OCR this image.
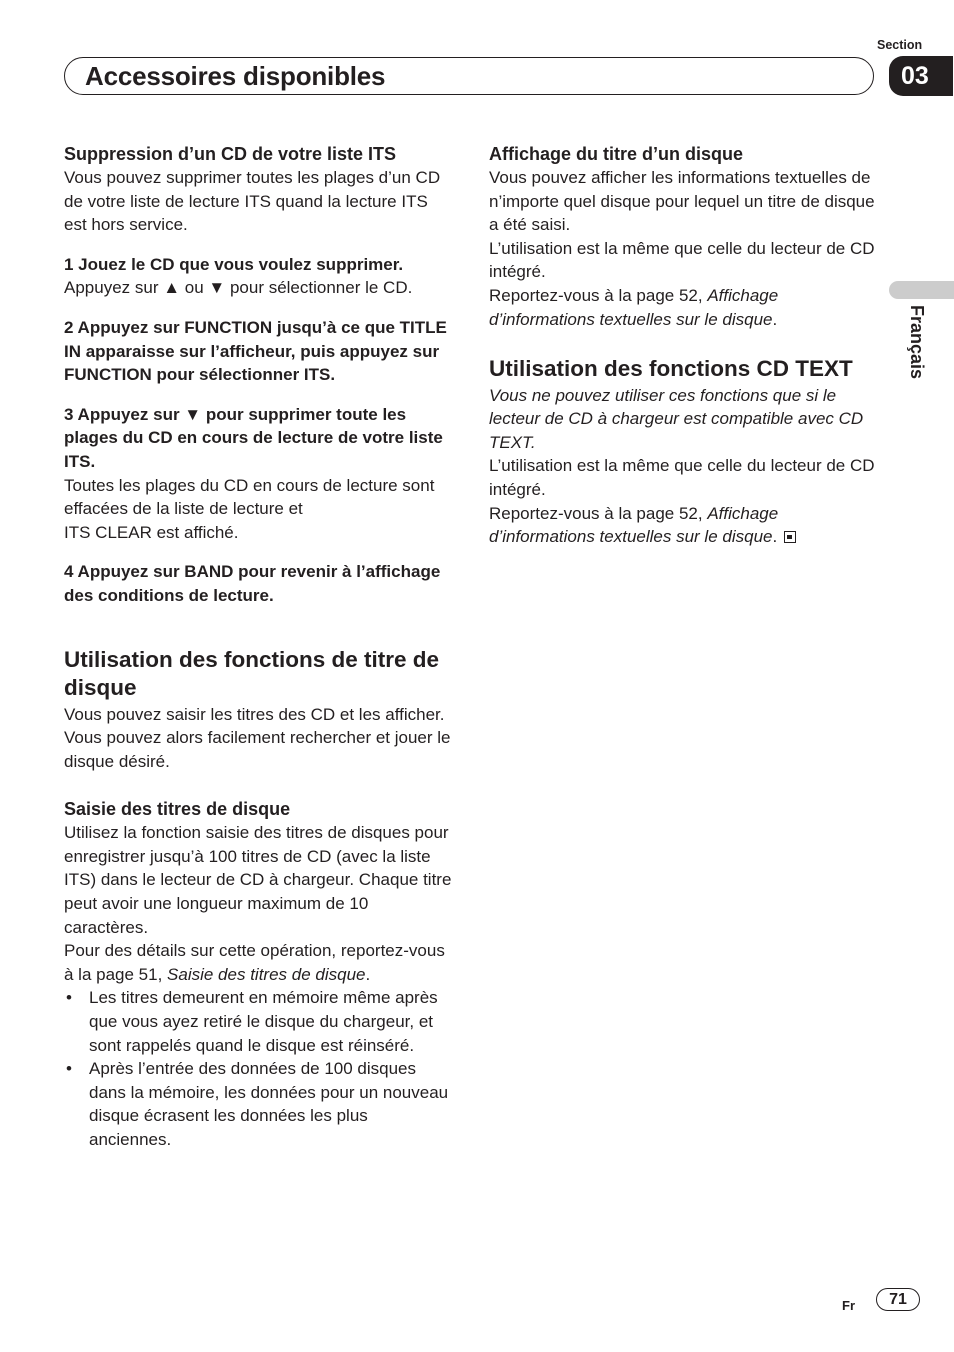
Accessoires disponibles
Section
03
Français

Suppression d’un CD de votre liste ITS

Vous pouvez supprimer toutes les plages d’un CD de votre liste de lecture ITS quand la lecture ITS est hors service.

1 Jouez le CD que vous voulez supprimer.

Appuyez sur ▲ ou ▼ pour sélectionner le CD.

2 Appuyez sur FUNCTION jusqu’à ce que TITLE IN apparaisse sur l’afficheur, puis appuyez sur FUNCTION pour sélectionner ITS.

3 Appuyez sur ▼ pour supprimer toute les plages du CD en cours de lecture de votre liste ITS.

Toutes les plages du CD en cours de lecture sont effacées de la liste de lecture et
ITS CLEAR est affiché.

4 Appuyez sur BAND pour revenir à l’affichage des conditions de lecture.

Utilisation des fonctions de titre de disque

Vous pouvez saisir les titres des CD et les afficher. Vous pouvez alors facilement rechercher et jouer le disque désiré.

Saisie des titres de disque

Utilisez la fonction saisie des titres de disques pour enregistrer jusqu’à 100 titres de CD (avec la liste ITS) dans le lecteur de CD à chargeur. Chaque titre peut avoir une longueur maximum de 10 caractères.

Pour des détails sur cette opération, reportez-vous à la page 51, Saisie des titres de disque.

• Les titres demeurent en mémoire même après que vous ayez retiré le disque du chargeur, et sont rappelés quand le disque est réinséré.
• Après l’entrée des données de 100 disques dans la mémoire, les données pour un nouveau disque écrasent les données les plus anciennes.

Affichage du titre d’un disque

Vous pouvez afficher les informations textuelles de n’importe quel disque pour lequel un titre de disque a été saisi.

L’utilisation est la même que celle du lecteur de CD intégré.

Reportez-vous à la page 52, Affichage d’informations textuelles sur le disque.

Utilisation des fonctions CD TEXT

Vous ne pouvez utiliser ces fonctions que si le lecteur de CD à chargeur est compatible avec CD TEXT.

L’utilisation est la même que celle du lecteur de CD intégré.

Reportez-vous à la page 52, Affichage d’informations textuelles sur le disque.

Fr	71
